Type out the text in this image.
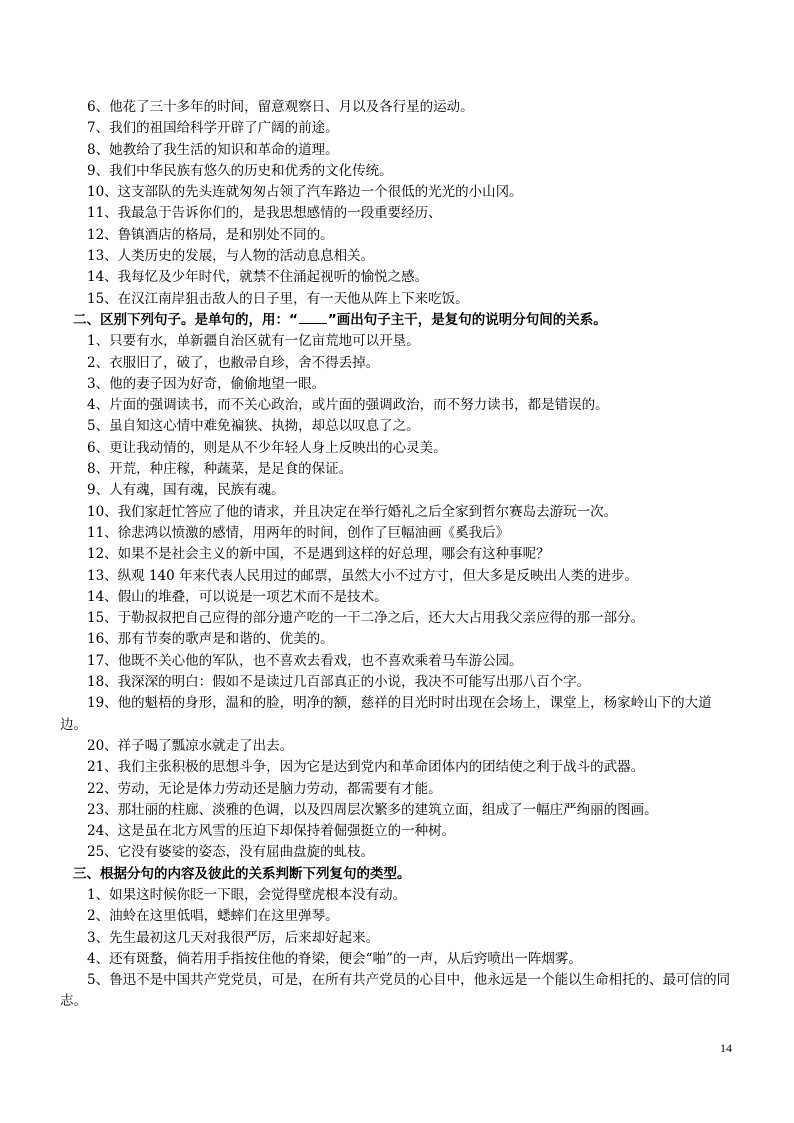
6、他花了三十多年的时间，留意观察日、月以及各行星的运动。
7、我们的祖国给科学开辟了广阔的前途。
8、她教给了我生活的知识和革命的道理。
9、我们中华民族有悠久的历史和优秀的文化传统。
10、这支部队的先头连就匆匆占领了汽车路边一个很低的光光的小山冈。
11、我最急于告诉你们的，是我思想感情的一段重要经历、
12、鲁镇酒店的格局，是和别处不同的。
13、人类历史的发展，与人物的活动息息相关。
14、我每忆及少年时代，就禁不住涌起视听的愉悦之感。
15、在汉江南岸狙击敌人的日子里，有一天他从阵上下来吃饭。
二、区别下列句子。是单句的，用：“ ”画出句子主干，是复句的说明分句间的关系。
1、只要有水，单新疆自治区就有一亿亩荒地可以开垦。
2、衣服旧了，破了，也敝帚自珍，舍不得丢掉。
3、他的妻子因为好奇，偷偷地望一眼。
4、片面的强调读书，而不关心政治，或片面的强调政治，而不努力读书，都是错误的。
5、虽自知这心情中难免褊狭、执拗，却总以叹息了之。
6、更让我动情的，则是从不少年轻人身上反映出的心灵美。
8、开荒，种庄稼，种蔬菜，是足食的保证。
9、人有魂，国有魂，民族有魂。
10、我们家赶忙答应了他的请求，并且决定在举行婚礼之后全家到哲尔赛岛去游玩一次。
11、徐悲鸿以愤激的感情，用两年的时间，创作了巨幅油画《奚我后》
12、如果不是社会主义的新中国，不是遇到这样的好总理，哪会有这种事呢？
13、纵观 140 年来代表人民用过的邮票，虽然大小不过方寸，但大多是反映出人类的进步。
14、假山的堆叠，可以说是一项艺术而不是技术。
15、于勒叔叔把自己应得的部分遗产吃的一干二净之后，还大大占用我父亲应得的那一部分。
16、那有节奏的歌声是和谐的、优美的。
17、他既不关心他的军队，也不喜欢去看戏，也不喜欢乘着马车游公园。
18、我深深的明白：假如不是读过几百部真正的小说，我决不可能写出那八百个字。
19、他的魁梧的身形，温和的脸，明净的额，慈祥的目光时时出现在会场上，课堂上，杨家岭山下的大道边。
20、祥子喝了瓢凉水就走了出去。
21、我们主张积极的思想斗争，因为它是达到党内和革命团体内的团结使之利于战斗的武器。
22、劳动，无论是体力劳动还是脑力劳动，都需要有才能。
23、那壮丽的柱廊、淡雅的色调，以及四周层次繁多的建筑立面，组成了一幅庄严绚丽的图画。
24、这是虽在北方风雪的压迫下却保持着倔强挺立的一种树。
25、它没有婆娑的姿态，没有屈曲盘旋的虬枝。
三、根据分句的内容及彼此的关系判断下列复句的类型。
1、如果这时候你眨一下眼，会觉得壁虎根本没有动。
2、油蛉在这里低唱，蟋蟀们在这里弹琴。
3、先生最初这几天对我很严厉，后来却好起来。
4、还有斑蝥，倘若用手指按住他的脊梁，便会“啪”的一声，从后窍喷出一阵烟雾。
5、鲁迅不是中国共产党党员，可是，在所有共产党员的心目中，他永远是一个能以生命相托的、最可信的同志。
14
